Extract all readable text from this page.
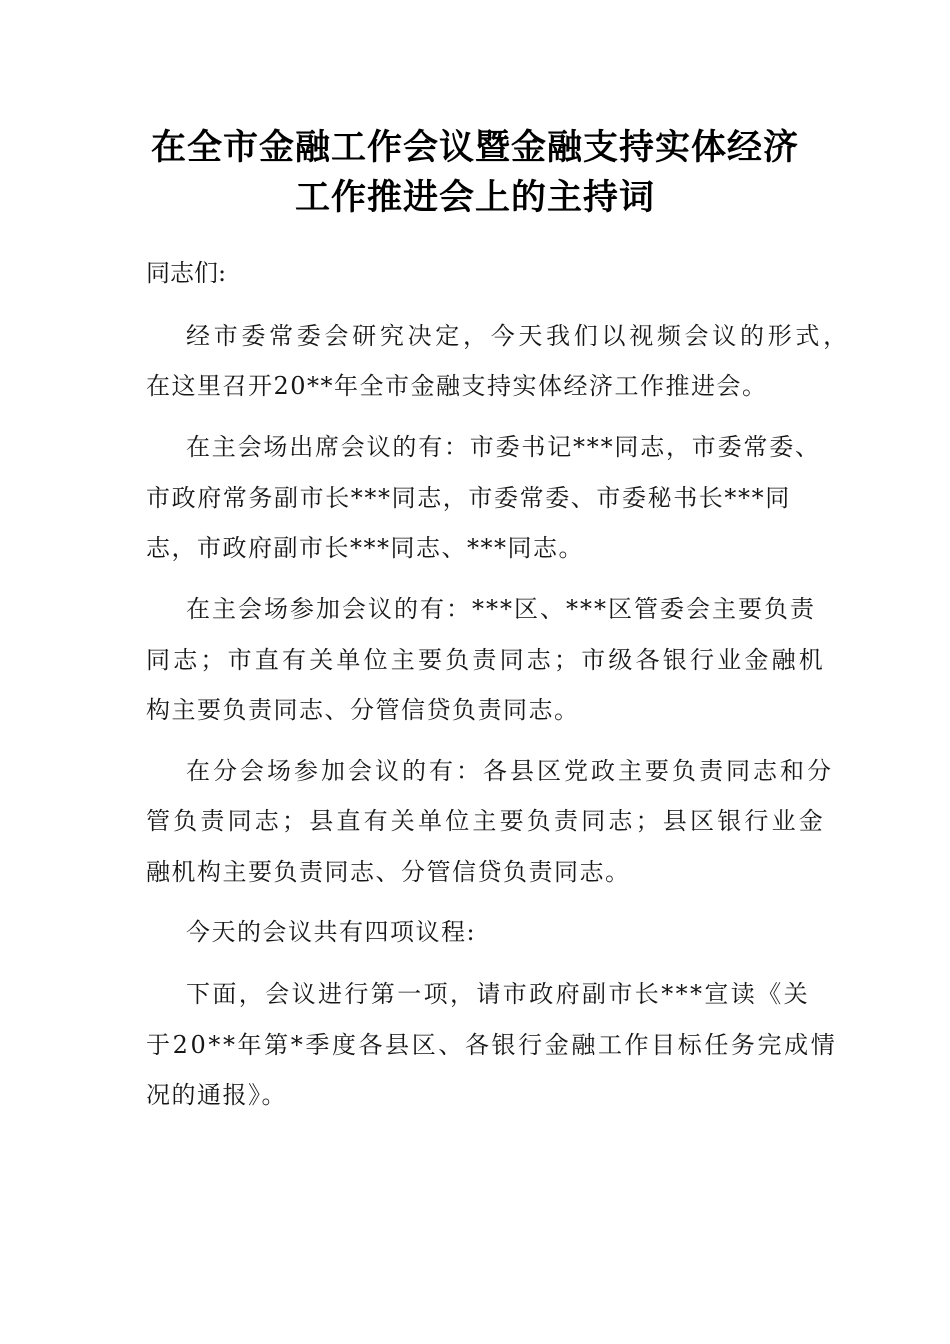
在全市金融工作会议暨金融支持实体经济
工作推进会上的主持词
同志们:
经市委常委会研究决定，今天我们以视频会议的形式，
在这里召开20**年全市金融支持实体经济工作推进会。
在主会场出席会议的有：市委书记***同志，市委常委、
市政府常务副市长***同志，市委常委、市委秘书长***同
志，市政府副市长***同志、***同志。
在主会场参加会议的有：***区、***区管委会主要负责
同志；市直有关单位主要负责同志；市级各银行业金融机
构主要负责同志、分管信贷负责同志。
在分会场参加会议的有：各县区党政主要负责同志和分
管负责同志；县直有关单位主要负责同志；县区银行业金
融机构主要负责同志、分管信贷负责同志。
今天的会议共有四项议程:
下面，会议进行第一项，请市政府副市长***宣读《关
于20**年第*季度各县区、各银行金融工作目标任务完成情
况的通报》。
